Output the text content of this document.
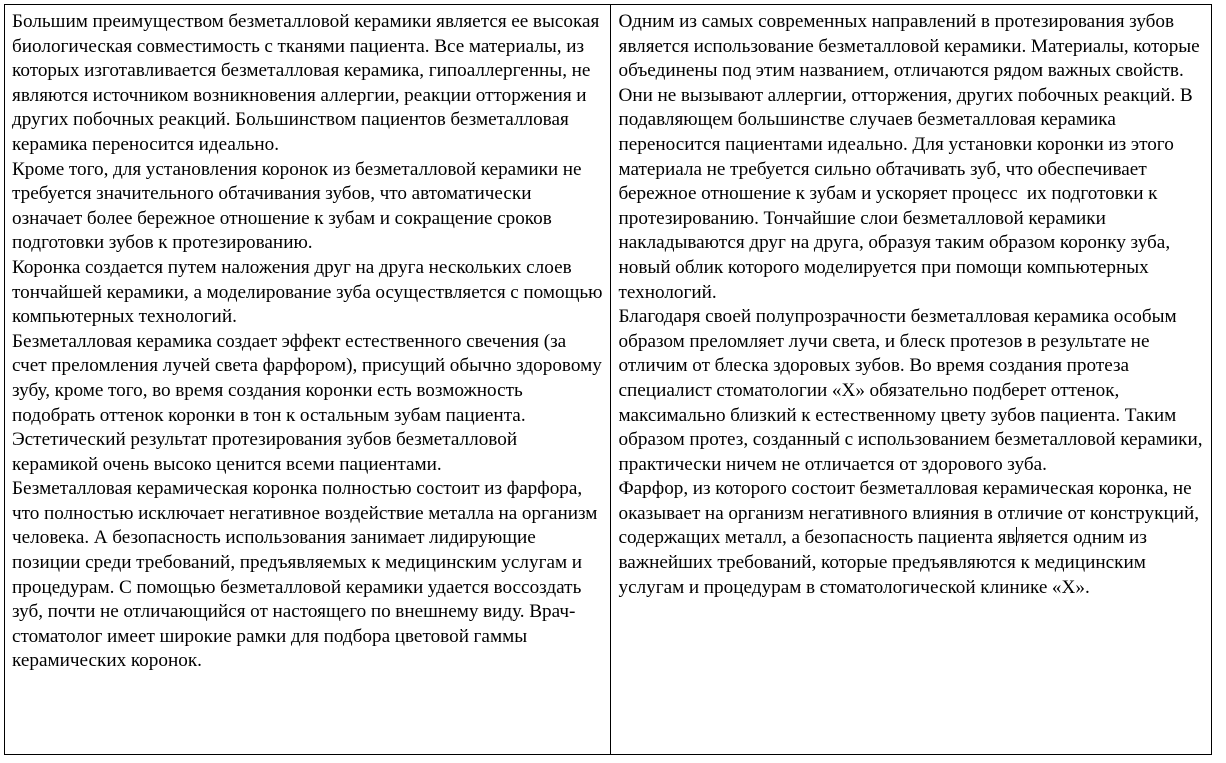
Большим преимуществом безметалловой керамики является ее высокая биологическая совместимость с тканями пациента. Все материалы, из которых изготавливается безметалловая керамика, гипоаллергенны, не являются источником возникновения аллергии, реакции отторжения и других побочных реакций. Большинством пациентов безметалловая керамика переносится идеально.

Кроме того, для установления коронок из безметалловой керамики не требуется значительного обтачивания зубов, что автоматически означает более бережное отношение к зубам и сокращение сроков подготовки зубов к протезированию.

Коронка создается путем наложения друг на друга нескольких слоев тончайшей керамики, а моделирование зуба осуществляется с помощью компьютерных технологий.

Безметалловая керамика создает эффект естественного свечения (за счет преломления лучей света фарфором), присущий обычно здоровому зубу, кроме того, во время создания коронки есть возможность подобрать оттенок коронки в тон к остальным зубам пациента. Эстетический результат протезирования зубов безметалловой керамикой очень высоко ценится всеми пациентами.

Безметалловая керамическая коронка полностью состоит из фарфора, что полностью исключает негативное воздействие металла на организм человека. А безопасность использования занимает лидирующие позиции среди требований, предъявляемых к медицинским услугам и процедурам. С помощью безметалловой керамики удается воссоздать зуб, почти не отличающийся от настоящего по внешнему виду. Врач-стоматолог имеет широкие рамки для подбора цветовой гаммы керамических коронок.

Одним из самых современных направлений в протезирования зубов является использование безметалловой керамики. Материалы, которые объединены под этим названием, отличаются рядом важных свойств. Они не вызывают аллергии, отторжения, других побочных реакций. В подавляющем большинстве случаев безметалловая керамика переносится пациентами идеально. Для установки коронки из этого материала не требуется сильно обтачивать зуб, что обеспечивает бережное отношение к зубам и ускоряет процесс  их подготовки к протезированию. Тончайшие слои безметалловой керамики накладываются друг на друга, образуя таким образом коронку зуба, новый облик которого моделируется при помощи компьютерных технологий.

Благодаря своей полупрозрачности безметалловая керамика особым образом преломляет лучи света, и блеск протезов в результате не отличим от блеска здоровых зубов. Во время создания протеза специалист стоматологии «Х» обязательно подберет оттенок, максимально близкий к естественному цвету зубов пациента. Таким образом протез, созданный с использованием безметалловой керамики, практически ничем не отличается от здорового зуба.

Фарфор, из которого состоит безметалловая керамическая коронка, не оказывает на организм негативного влияния в отличие от конструкций, содержащих металл, а безопасность пациента является одним из важнейших требований, которые предъявляются к медицинским услугам и процедурам в стоматологической клинике «Х».
